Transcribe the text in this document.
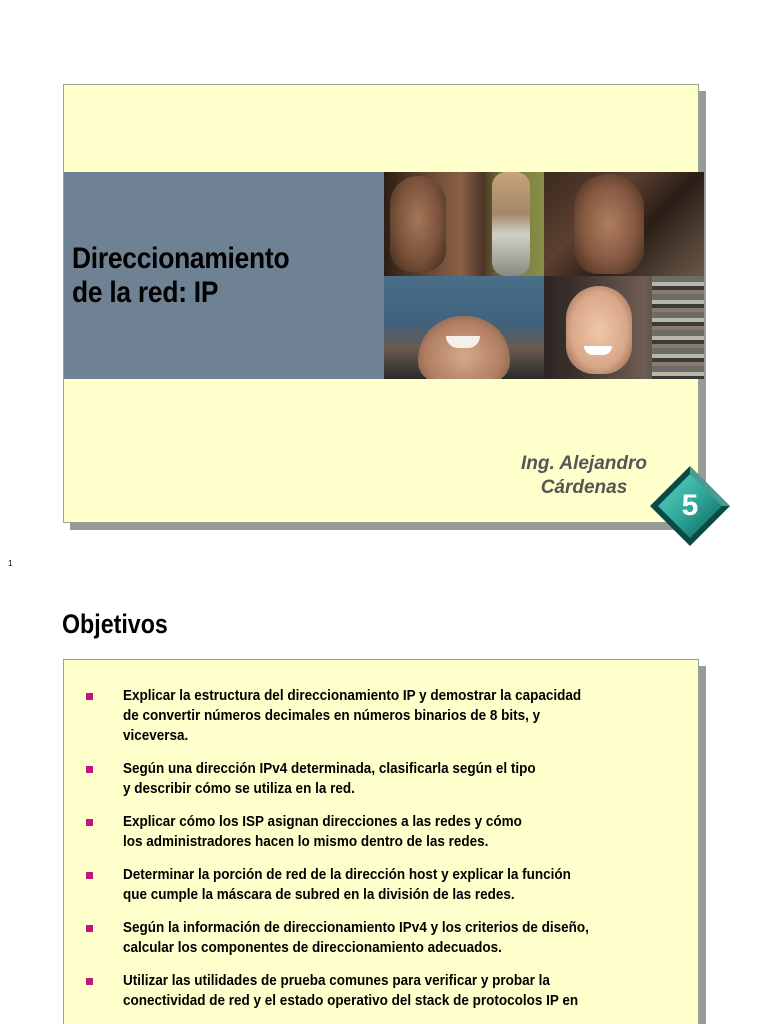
Direccionamiento
de la red: IP

Ing. Alejandro
Cárdenas

5

1

Objetivos
Explicar la estructura del direccionamiento IP y demostrar la capacidad
de convertir números decimales en números binarios de 8 bits, y
viceversa.
Según una dirección IPv4 determinada, clasificarla según el tipo
y describir cómo se utiliza en la red.
Explicar cómo los ISP asignan direcciones a las redes y cómo
los administradores hacen lo mismo dentro de las redes.
Determinar la porción de red de la dirección host y explicar la función
que cumple la máscara de subred en la división de las redes.
Según la información de direccionamiento IPv4 y los criterios de diseño,
calcular los componentes de direccionamiento adecuados.
Utilizar las utilidades de prueba comunes para verificar y probar la
conectividad de red y el estado operativo del stack de protocolos IP en
